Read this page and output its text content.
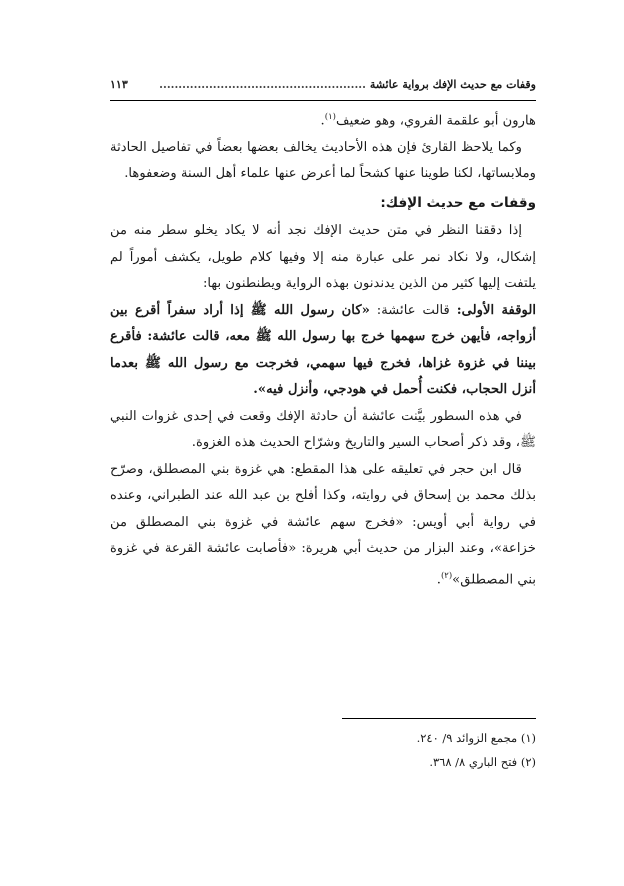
وقفات مع حديث الإفك برواية عائشة ......................................................
١١٣

هارون أبو علقمة الفروي، وهو ضعيف$^{(١)}$.

وكما يلاحظ القارئ فإن هذه الأحاديث يخالف بعضها بعضاً في تفاصيل الحادثة وملابساتها، لكنا طوينا عنها كشحاً لما أعرض عنها علماء أهل السنة وضعفوها.

وقفات مع حديث الإفك:

إذا دققنا النظر في متن حديث الإفك نجد أنه لا يكاد يخلو سطر منه من إشكال، ولا نكاد نمر على عبارة منه إلا وفيها كلام طويل، يكشف أموراً لم يلتفت إليها كثير من الذين يدندنون بهذه الرواية ويطنطنون بها:

الوقفة الأولى: قالت عائشة: «كان رسول الله ﷺ إذا أراد سفراً أقرع بين أزواجه، فأيهن خرج سهمها خرج بها رسول الله ﷺ معه، قالت عائشة: فأقرع بيننا في غزوة غزاها، فخرج فيها سهمي، فخرجت مع رسول الله ﷺ بعدما أنزل الحجاب، فكنت أُحمل في هودجي، وأنزل فيه».

في هذه السطور بيَّنت عائشة أن حادثة الإفك وقعت في إحدى غزوات النبي ﷺ، وقد ذكر أصحاب السير والتاريخ وشرّاح الحديث هذه الغزوة.

قال ابن حجر في تعليقه على هذا المقطع: هي غزوة بني المصطلق، وصرّح بذلك محمد بن إسحاق في روايته، وكذا أفلح بن عبد الله عند الطبراني، وعنده في رواية أبي أويس: «فخرج سهم عائشة في غزوة بني المصطلق من خزاعة»، وعند البزار من حديث أبي هريرة: «فأصابت عائشة القرعة في غزوة بني المصطلق»$^{(٢)}$.

(١) مجمع الزوائد ٩/ ٢٤٠.

(٢) فتح الباري ٨/ ٣٦٨.
